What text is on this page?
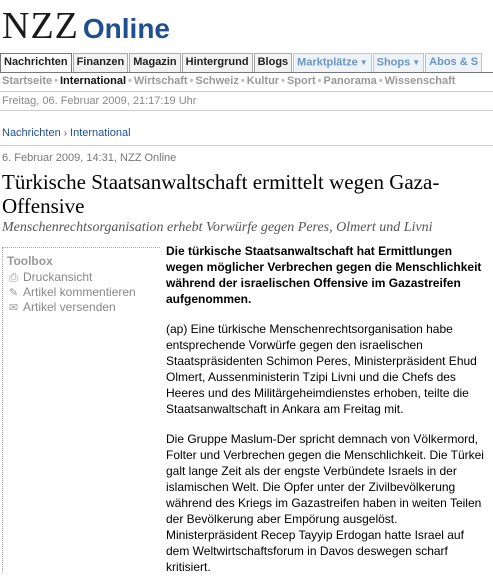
NZZ Online
Nachrichten Finanzen Magazin Hintergrund Blogs Marktplätze ▼ Shops ▼ Abos & S
Startseite • International • Wirtschaft • Schweiz • Kultur • Sport • Panorama • Wissenschaft
Freitag, 06. Februar 2009, 21:17:19 Uhr
Nachrichten › International
6. Februar 2009, 14:31, NZZ Online
Türkische Staatsanwaltschaft ermittelt wegen Gaza-Offensive
Menschenrechtsorganisation erhebt Vorwürfe gegen Peres, Olmert und Livni
Toolbox
⎙ Druckansicht
✎ Artikel kommentieren
✉ Artikel versenden

Die türkische Staatsanwaltschaft hat Ermittlungen wegen möglicher Verbrechen gegen die Menschlichkeit während der israelischen Offensive im Gazastreifen aufgenommen.

(ap) Eine türkische Menschenrechtsorganisation habe entsprechende Vorwürfe gegen den israelischen Staatspräsidenten Schimon Peres, Ministerpräsident Ehud Olmert, Aussenministerin Tzipi Livni und die Chefs des Heeres und des Militärgeheimdienstes erhoben, teilte die Staatsanwaltschaft in Ankara am Freitag mit.

Die Gruppe Maslum-Der spricht demnach von Völkermord, Folter und Verbrechen gegen die Menschlichkeit. Die Türkei galt lange Zeit als der engste Verbündete Israels in der islamischen Welt. Die Opfer unter der Zivilbevölkerung während des Kriegs im Gazastreifen haben in weiten Teilen der Bevölkerung aber Empörung ausgelöst. Ministerpräsident Recep Tayyip Erdogan hatte Israel auf dem Weltwirtschaftsforum in Davos deswegen scharf kritisiert.
